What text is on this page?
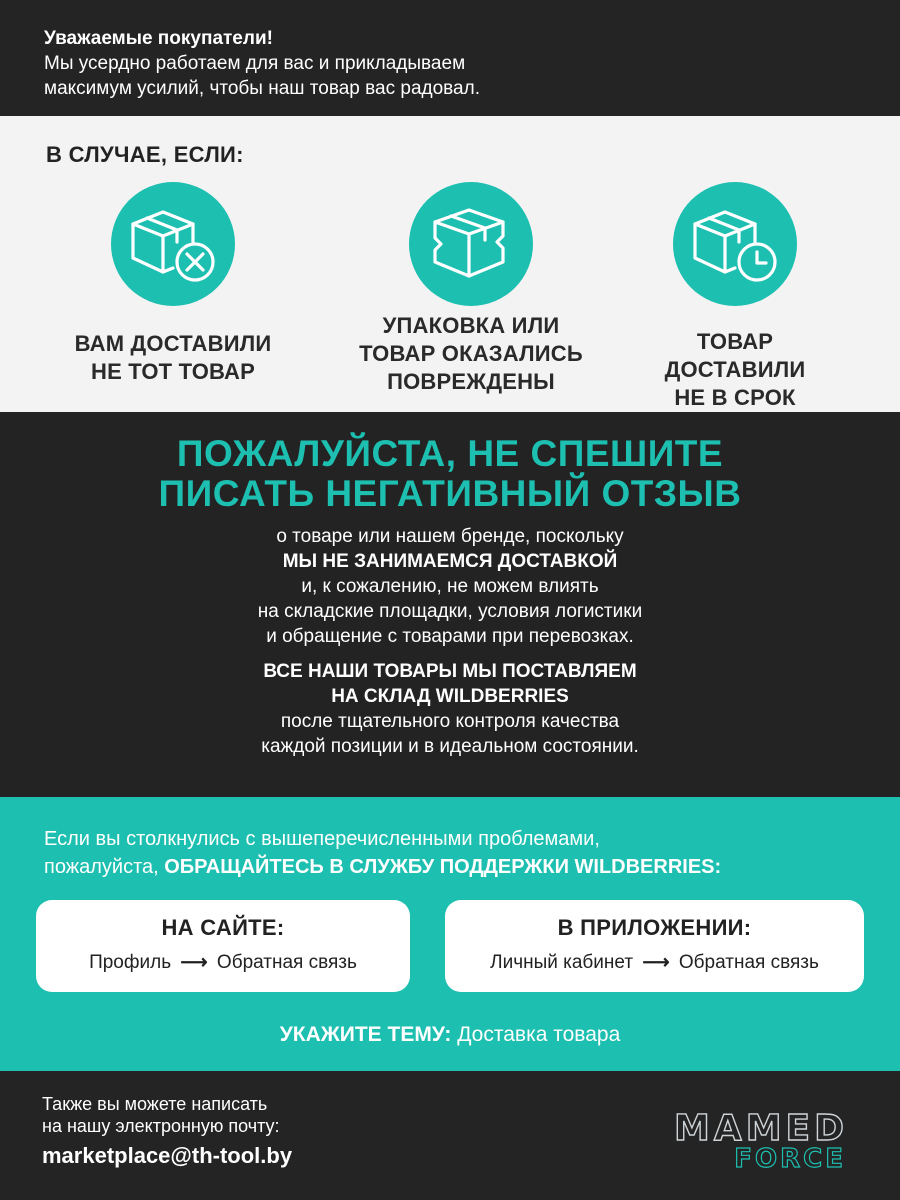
Уважаемые покупатели!
Мы усердно работаем для вас и прикладываем
максимум усилий, чтобы наш товар вас радовал.
В СЛУЧАЕ, ЕСЛИ:
ВАМ ДОСТАВИЛИ
НЕ ТОТ ТОВАР
УПАКОВКА ИЛИ
ТОВАР ОКАЗАЛИСЬ
ПОВРЕЖДЕНЫ
ТОВАР
ДОСТАВИЛИ
НЕ В СРОК
ПОЖАЛУЙСТА, НЕ СПЕШИТЕ
ПИСАТЬ НЕГАТИВНЫЙ ОТЗЫВ
о товаре или нашем бренде, поскольку
МЫ НЕ ЗАНИМАЕМСЯ ДОСТАВКОЙ
и, к сожалению, не можем влиять
на складские площадки, условия логистики
и обращение с товарами при перевозках.
ВСЕ НАШИ ТОВАРЫ МЫ ПОСТАВЛЯЕМ
НА СКЛАД WILDBERRIES
после тщательного контроля качества
каждой позиции и в идеальном состоянии.
Если вы столкнулись с вышеперечисленными проблемами,
пожалуйста, ОБРАЩАЙТЕСЬ В СЛУЖБУ ПОДДЕРЖКИ WILDBERRIES:
НА САЙТЕ:
Профиль ⟶ Обратная связь
В ПРИЛОЖЕНИИ:
Личный кабинет ⟶ Обратная связь
УКАЖИТЕ ТЕМУ: Доставка товара
Также вы можете написать
на нашу электронную почту:
marketplace@th-tool.by
MAMED
FORCE
